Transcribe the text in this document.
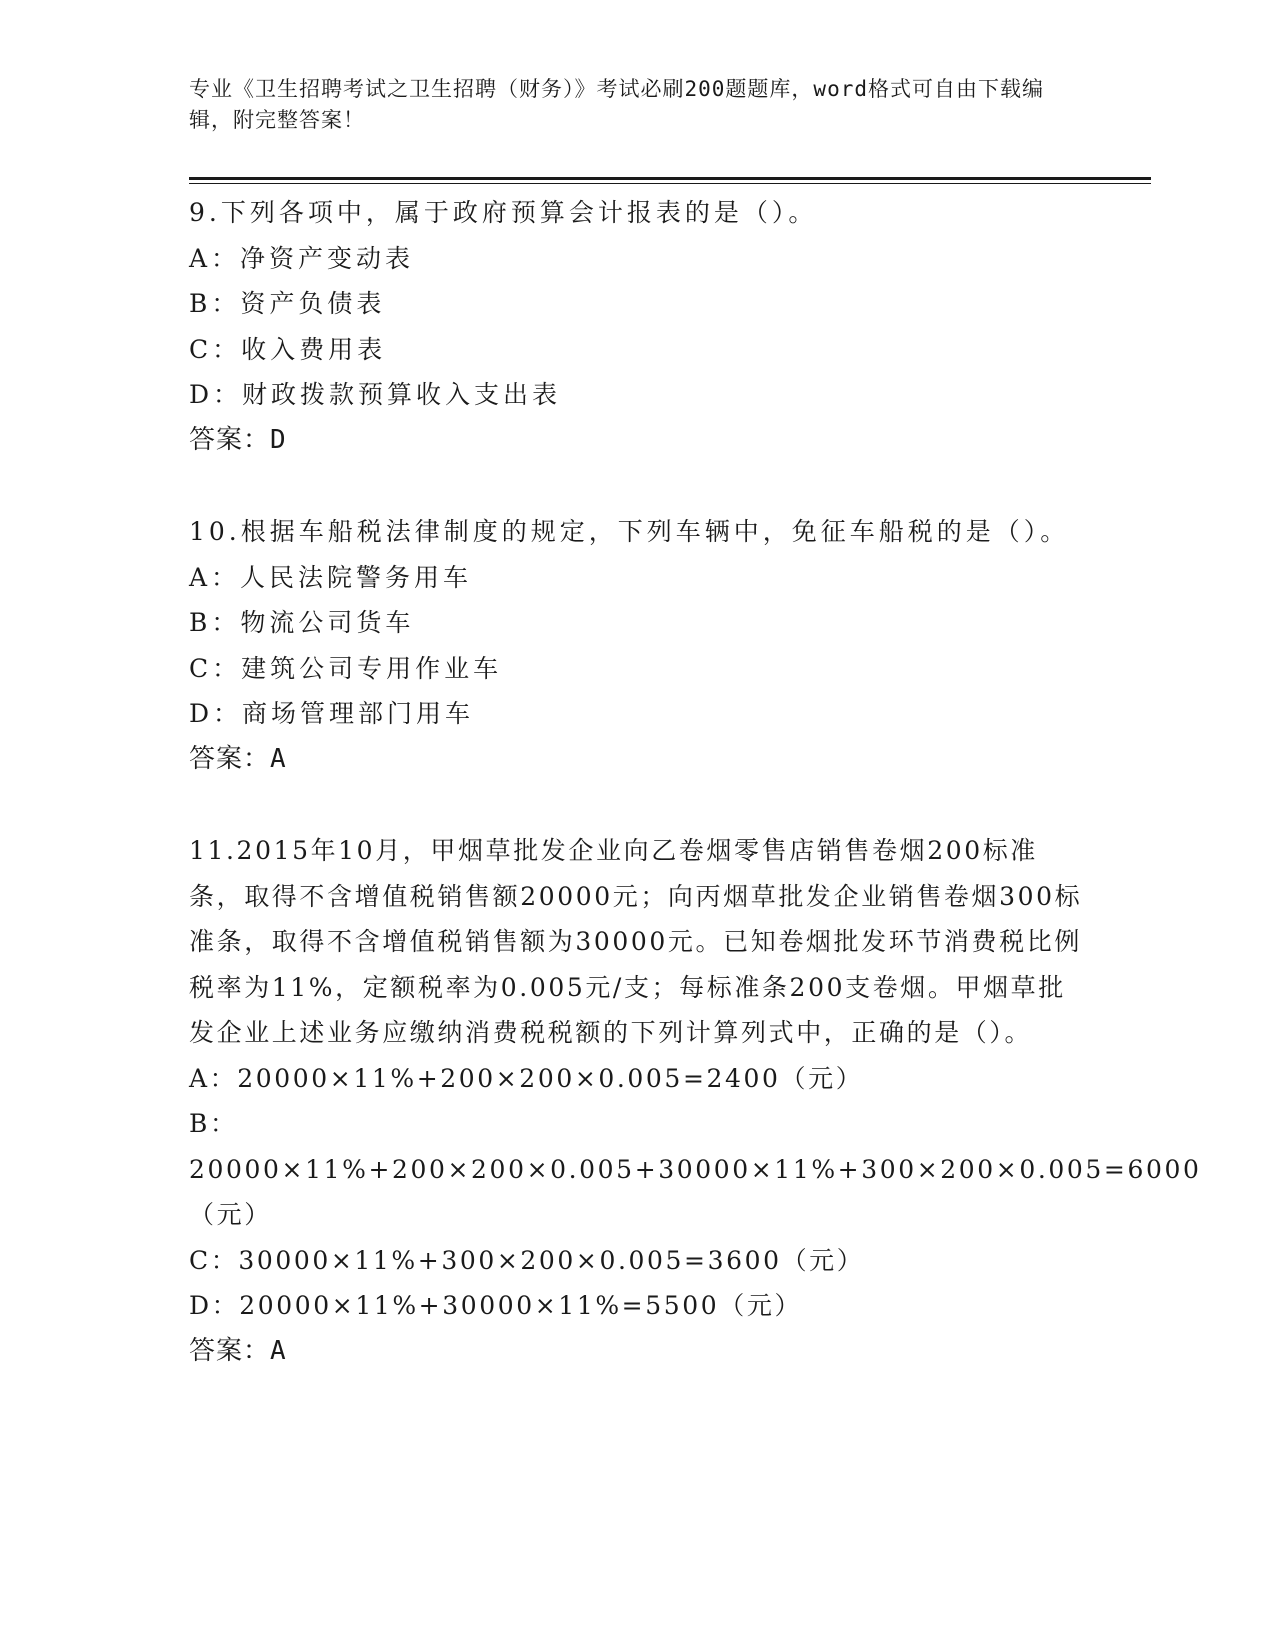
专业《卫生招聘考试之卫生招聘（财务）》考试必刷200题题库，word格式可自由下载编辑，附完整答案！

9.下列各项中，属于政府预算会计报表的是（）。

A：净资产变动表

B：资产负债表

C：收入费用表

D：财政拨款预算收入支出表

答案：D

10.根据车船税法律制度的规定，下列车辆中，免征车船税的是（）。

A：人民法院警务用车

B：物流公司货车

C：建筑公司专用作业车

D：商场管理部门用车

答案：A

11.2015年10月，甲烟草批发企业向乙卷烟零售店销售卷烟200标准条，取得不含增值税销售额20000元；向丙烟草批发企业销售卷烟300标准条，取得不含增值税销售额为30000元。已知卷烟批发环节消费税比例税率为11%，定额税率为0.005元/支；每标准条200支卷烟。甲烟草批发企业上述业务应缴纳消费税税额的下列计算列式中，正确的是（）。

A：20000×11%+200×200×0.005=2400（元）

B：20000×11%+200×200×0.005+30000×11%+300×200×0.005=6000（元）

C：30000×11%+300×200×0.005=3600（元）

D：20000×11%+30000×11%=5500（元）

答案：A
